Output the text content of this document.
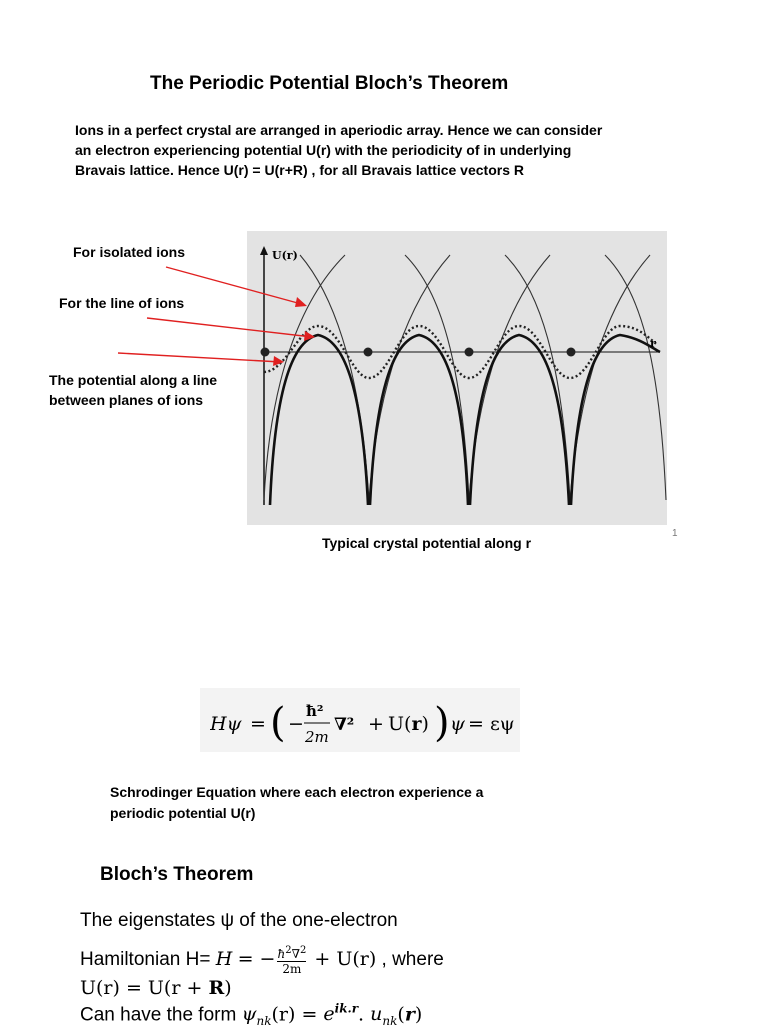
The Periodic Potential Bloch’s Theorem
Ions in a perfect crystal are arranged in aperiodic array. Hence we can consider
an electron experiencing potential U(r) with the periodicity of in underlying
Bravais lattice. Hence U(r) = U(r+R) , for all Bravais lattice vectors R
For isolated ions
For the line of ions
The potential along a line
between planes of ions
U(r)
r
Typical crystal potential along r
1
Hψ = ( −
ħ²
2m
∇² + U(r) ) ψ = εψ
Schrodinger Equation where each electron experience a
periodic potential U(r)
Bloch’s Theorem
The eigenstates ψ of the one-electron
Hamiltonian H= H = − $\frac{ħ^2\nabla^2}{2m} + U(r)$ , where
U(r) = U(r + R)
Can have the form $\psi_{nk}(r) = e^{ik.r}$. $u_{nk}(r)$
